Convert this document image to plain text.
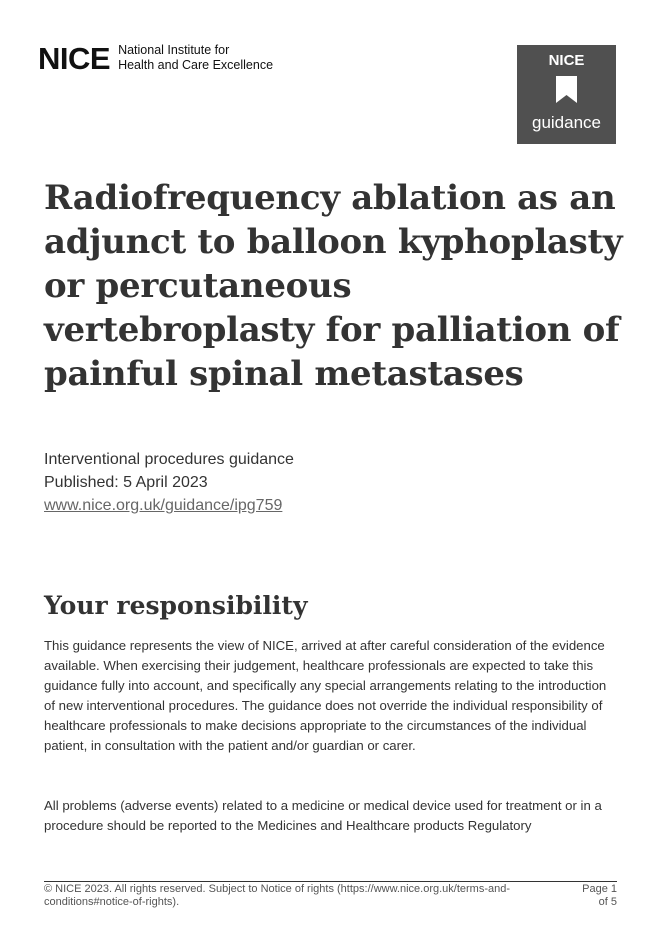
NICE National Institute for
Health and Care Excellence	NICE
guidance
Radiofrequency ablation as an adjunct to balloon kyphoplasty or percutaneous vertebroplasty for palliation of painful spinal metastases
Interventional procedures guidance
Published: 5 April 2023
www.nice.org.uk/guidance/ipg759
Your responsibility

This guidance represents the view of NICE, arrived at after careful consideration of the evidence available. When exercising their judgement, healthcare professionals are expected to take this guidance fully into account, and specifically any special arrangements relating to the introduction of new interventional procedures. The guidance does not override the individual responsibility of healthcare professionals to make decisions appropriate to the circumstances of the individual patient, in consultation with the patient and/or guardian or carer.

All problems (adverse events) related to a medicine or medical device used for treatment or in a procedure should be reported to the Medicines and Healthcare products Regulatory

© NICE 2023. All rights reserved. Subject to Notice of rights (https://www.nice.org.uk/terms-and-conditions#notice-of-rights).
Page 1 of 5
